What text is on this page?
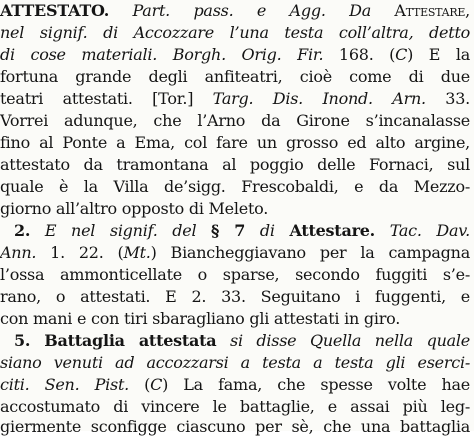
ATTESTATO. Part. pass. e Agg. Da Attestare,
nel signif. di Accozzare l’una testa coll’altra, detto
di cose materiali. Borgh. Orig. Fir. 168. (C) E la
fortuna grande degli anfiteatri, cioè come di due
teatri attestati. [Tor.] Targ. Dis. Inond. Arn. 33.
Vorrei adunque, che l’Arno da Girone s’incanalasse
fino al Ponte a Ema, col fare un grosso ed alto argine,
attestato da tramontana al poggio delle Fornaci, sul
quale è la Villa de’sigg. Frescobaldi, e da Mezzo-
giorno all’altro opposto di Meleto.
2. E nel signif. del § 7 di Attestare. Tac. Dav.
Ann. 1. 22. (Mt.) Biancheggiavano per la campagna
l’ossa ammonticellate o sparse, secondo fuggiti s’e-
rano, o attestati. E 2. 33. Seguitano i fuggenti, e
con mani e con tiri sbaragliano gli attestati in giro.
5. Battaglia attestata si disse Quella nella quale
siano venuti ad accozzarsi a testa a testa gli eserci-
citi. Sen. Pist. (C) La fama, che spesse volte hae
accostumato di vincere le battaglie, e assai più leg-
giermente sconfigge ciascuno per sè, che una battaglia
